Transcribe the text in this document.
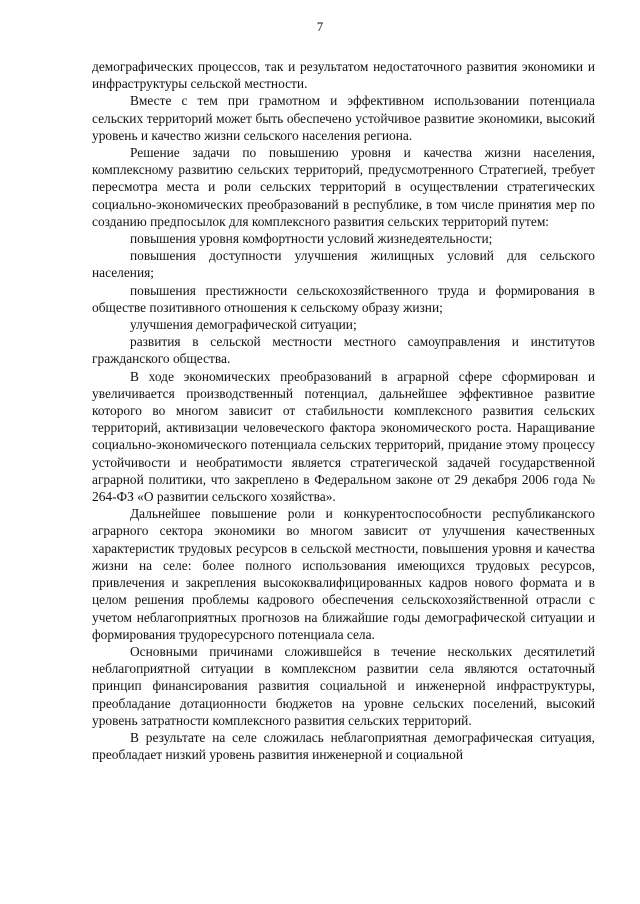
7

демографических процессов, так и результатом недостаточного развития экономики и инфраструктуры сельской местности.

Вместе с тем при грамотном и эффективном использовании потенциала сельских территорий может быть обеспечено устойчивое развитие экономики, высокий уровень и качество жизни сельского населения региона.

Решение задачи по повышению уровня и качества жизни населения, комплексному развитию сельских территорий, предусмотренного Стратегией, требует пересмотра места и роли сельских территорий в осуществлении стратегических социально-экономических преобразований в республике, в том числе принятия мер по созданию предпосылок для комплексного развития сельских территорий путем:

повышения уровня комфортности условий жизнедеятельности;

повышения доступности улучшения жилищных условий для сельского населения;

повышения престижности сельскохозяйственного труда и формирования в обществе позитивного отношения к сельскому образу жизни;

улучшения демографической ситуации;

развития в сельской местности местного самоуправления и институтов гражданского общества.

В ходе экономических преобразований в аграрной сфере сформирован и увеличивается производственный потенциал, дальнейшее эффективное развитие которого во многом зависит от стабильности комплексного развития сельских территорий, активизации человеческого фактора экономического роста. Наращивание социально-экономического потенциала сельских территорий, придание этому процессу устойчивости и необратимости является стратегической задачей государственной аграрной политики, что закреплено в Федеральном законе от 29 декабря 2006 года № 264-ФЗ «О развитии сельского хозяйства».

Дальнейшее повышение роли и конкурентоспособности республиканского аграрного сектора экономики во многом зависит от улучшения качественных характеристик трудовых ресурсов в сельской местности, повышения уровня и качества жизни на селе: более полного использования имеющихся трудовых ресурсов, привлечения и закрепления высококвалифицированных кадров нового формата и в целом решения проблемы кадрового обеспечения сельскохозяйственной отрасли с учетом неблагоприятных прогнозов на ближайшие годы демографической ситуации и формирования трудоресурсного потенциала села.

Основными причинами сложившейся в течение нескольких десятилетий неблагоприятной ситуации в комплексном развитии села являются остаточный принцип финансирования развития социальной и инженерной инфраструктуры, преобладание дотационности бюджетов на уровне сельских поселений, высокий уровень затратности комплексного развития сельских территорий.

В результате на селе сложилась неблагоприятная демографическая ситуация, преобладает низкий уровень развития инженерной и социальной
